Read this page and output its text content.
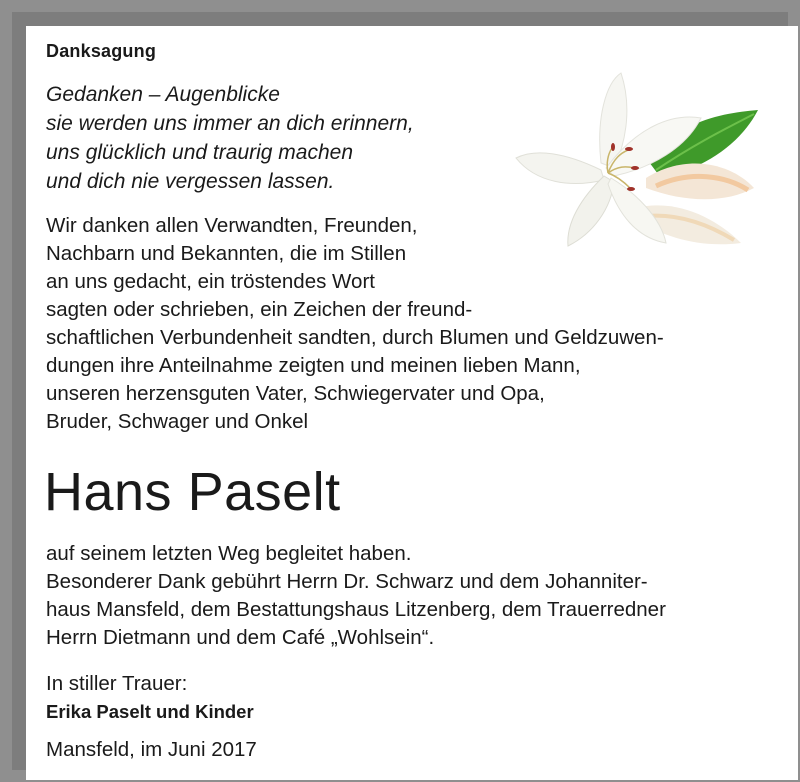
Danksagung
Gedanken – Augenblicke
sie werden uns immer an dich erinnern,
uns glücklich und traurig machen
und dich nie vergessen lassen.
Wir danken allen Verwandten, Freunden,
Nachbarn und Bekannten, die im Stillen
an uns gedacht, ein tröstendes Wort
sagten oder schrieben, ein Zeichen der freund-
schaftlichen Verbundenheit sandten, durch Blumen und Geldzuwen-
dungen ihre Anteilnahme zeigten und meinen lieben Mann,
unseren herzensguten Vater, Schwiegervater und Opa,
Bruder, Schwager und Onkel
Hans Paselt
auf seinem letzten Weg begleitet haben.
Besonderer Dank gebührt Herrn Dr. Schwarz und dem Johanniter-
haus Mansfeld, dem Bestattungshaus Litzenberg, dem Trauerredner
Herrn Dietmann und dem Café „Wohlsein“.
In stiller Trauer:
Erika Paselt und Kinder
Mansfeld, im Juni 2017
